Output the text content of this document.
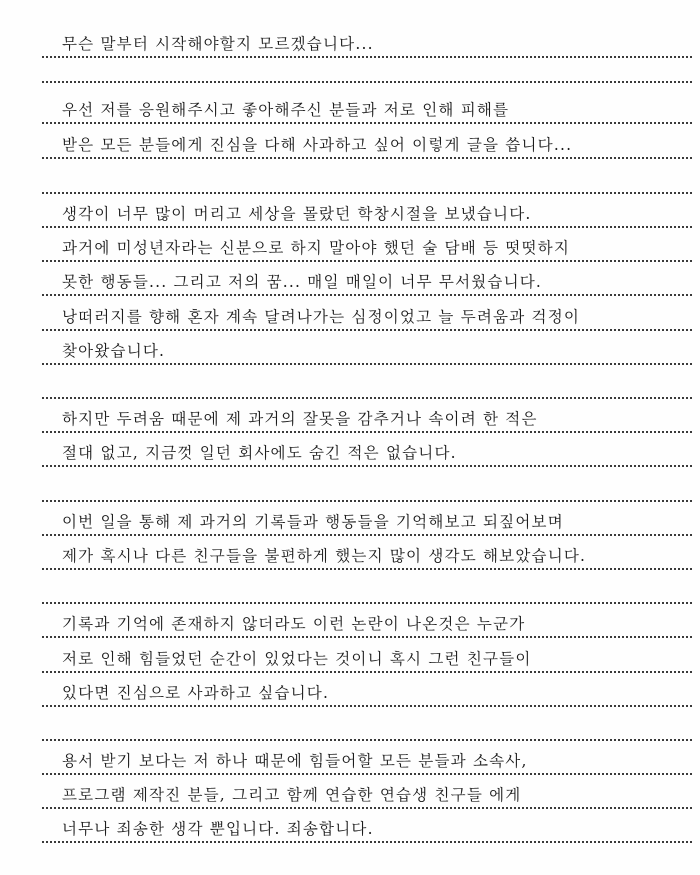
무슨 말부터 시작해야할지 모르겠습니다...
우선 저를 응원해주시고 좋아해주신 분들과 저로 인해 피해를
받은 모든 분들에게 진심을 다해 사과하고 싶어 이렇게 글을 씁니다...
생각이 너무 많이 머리고 세상을 몰랐던 학창시절을 보냈습니다.
과거에 미성년자라는 신분으로 하지 말아야 했던 술 담배 등 떳떳하지
못한 행동들... 그리고 저의 꿈... 매일 매일이 너무 무서웠습니다.
낭떠러지를 향해 혼자 계속 달려나가는 심정이었고 늘 두려움과 걱정이
찾아왔습니다.
하지만 두려움 때문에 제 과거의 잘못을 감추거나 속이려 한 적은
절대 없고, 지금껏 일던 회사에도 숨긴 적은 없습니다.
이번 일을 통해 제 과거의 기록들과 행동들을 기억해보고 되짚어보며
제가 혹시나 다른 친구들을 불편하게 했는지 많이 생각도 해보았습니다.
기록과 기억에 존재하지 않더라도 이런 논란이 나온것은 누군가
저로 인해 힘들었던 순간이 있었다는 것이니 혹시 그런 친구들이
있다면 진심으로 사과하고 싶습니다.
용서 받기 보다는 저 하나 때문에 힘들어할 모든 분들과 소속사,
프로그램 제작진 분들, 그리고 함께 연습한 연습생 친구들 에게
너무나 죄송한 생각 뿐입니다. 죄송합니다.
